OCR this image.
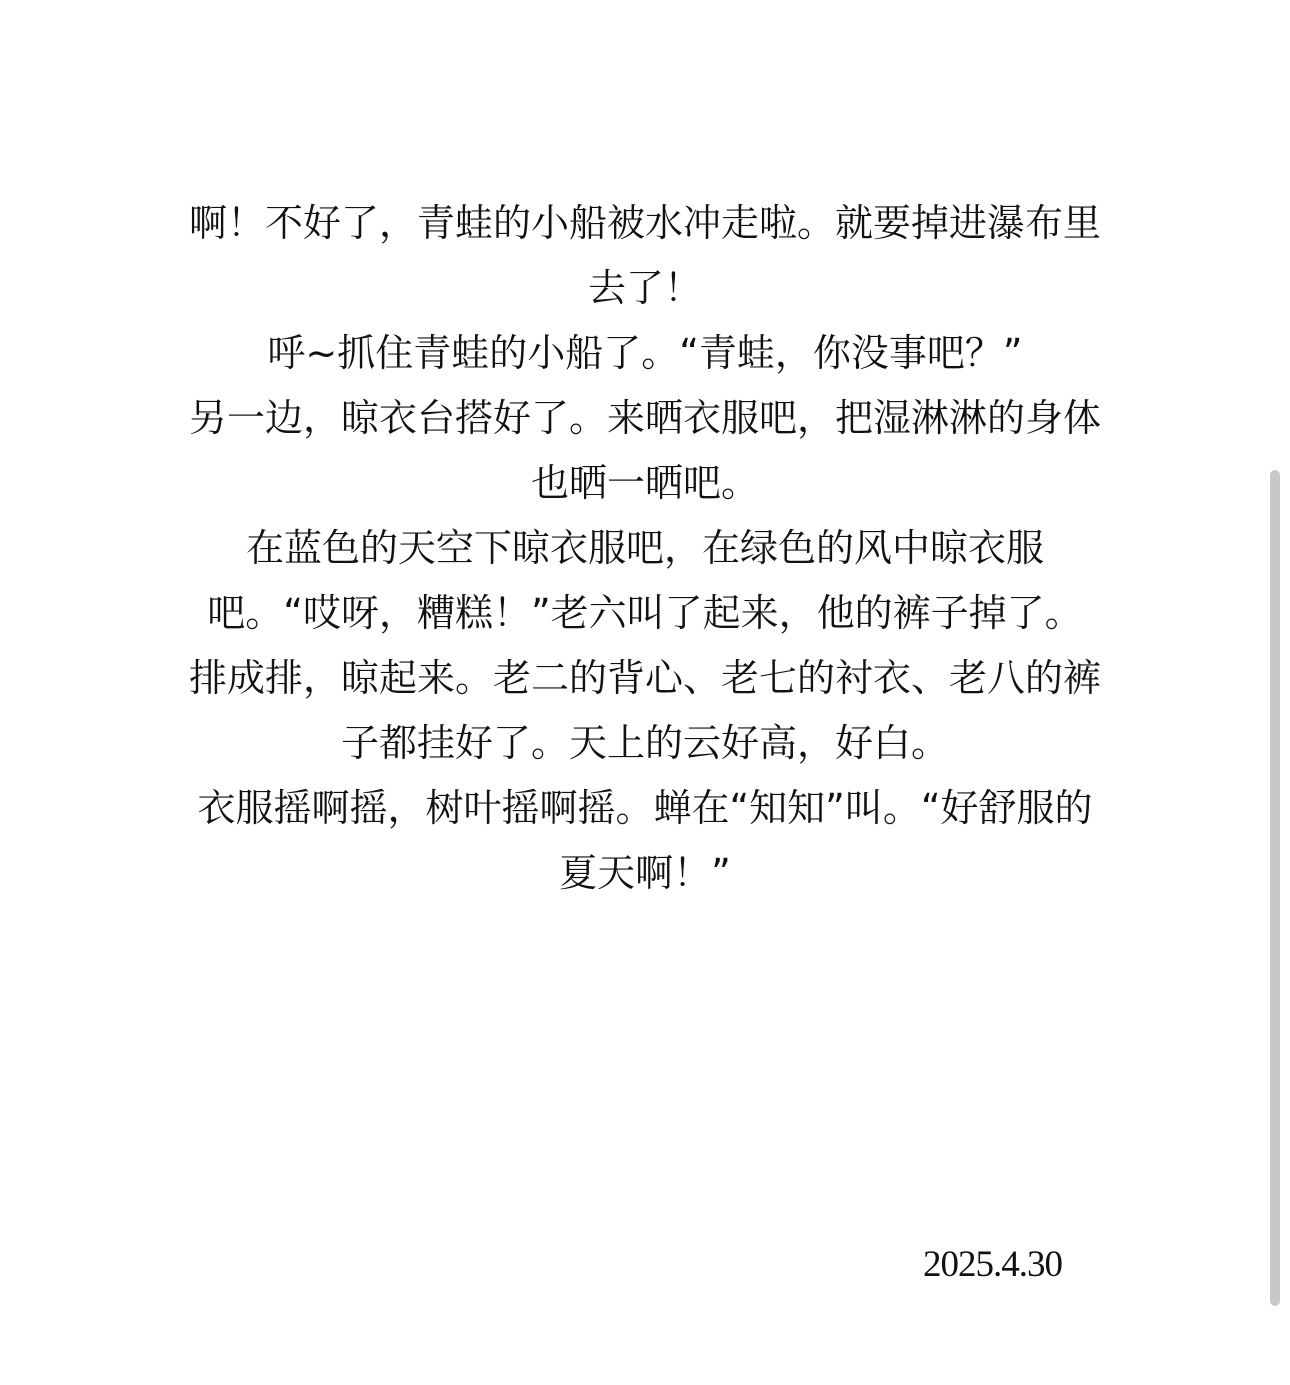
啊！不好了，青蛙的小船被水冲走啦。就要掉进瀑布里去了！

呼~抓住青蛙的小船了。“青蛙，你没事吧？”

另一边，晾衣台搭好了。来晒衣服吧，把湿淋淋的身体也晒一晒吧。

在蓝色的天空下晾衣服吧，在绿色的风中晾衣服吧。“哎呀，糟糕！”老六叫了起来，他的裤子掉了。

排成排，晾起来。老二的背心、老七的衬衣、老八的裤子都挂好了。天上的云好高，好白。

衣服摇啊摇，树叶摇啊摇。蝉在“知知”叫。“好舒服的夏天啊！”

2025.4.30
